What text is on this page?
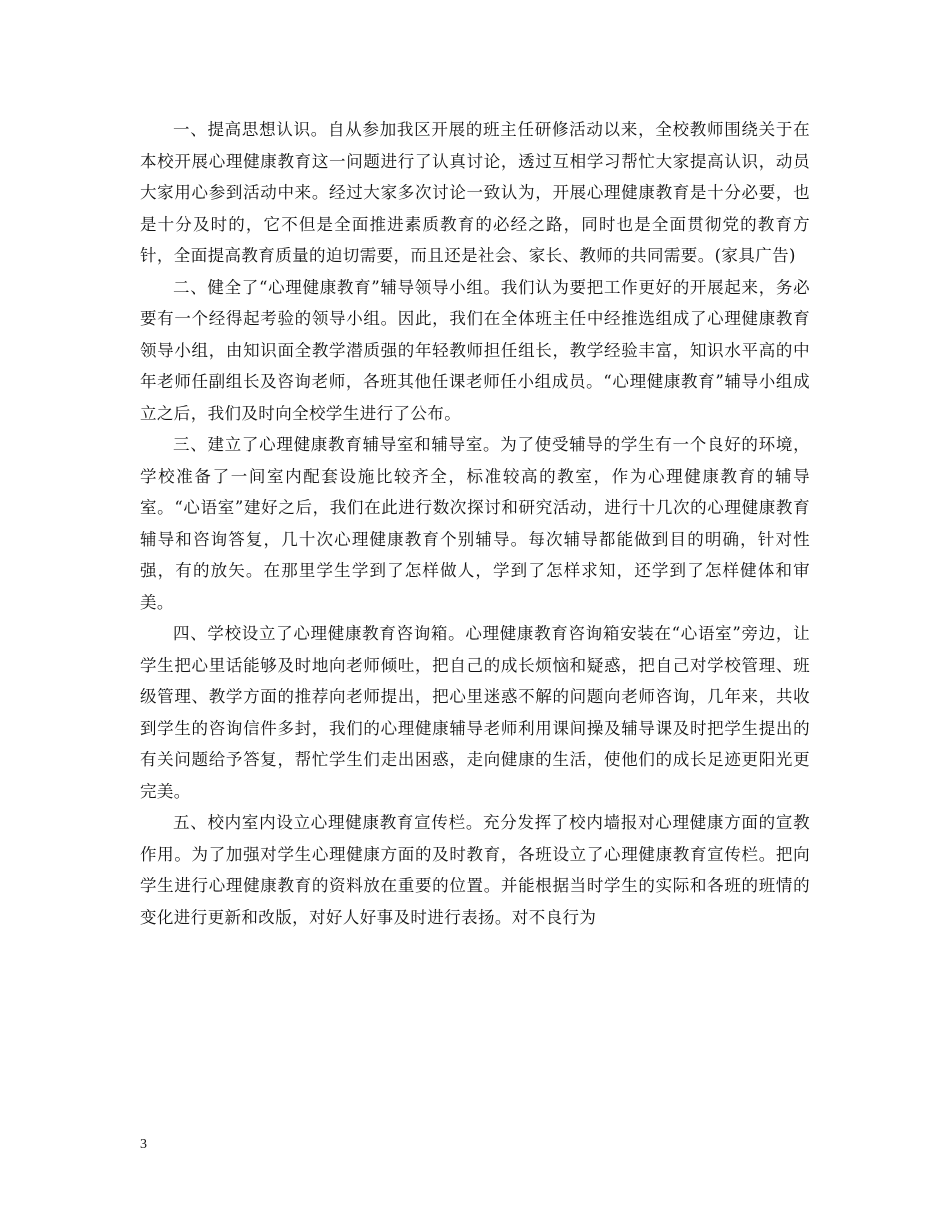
一、提高思想认识。自从参加我区开展的班主任研修活动以来，全校教师围绕关于在本校开展心理健康教育这一问题进行了认真讨论，透过互相学习帮忙大家提高认识，动员大家用心参到活动中来。经过大家多次讨论一致认为，开展心理健康教育是十分必要，也是十分及时的，它不但是全面推进素质教育的必经之路，同时也是全面贯彻党的教育方针，全面提高教育质量的迫切需要，而且还是社会、家长、教师的共同需要。(家具广告)

二、健全了“心理健康教育”辅导领导小组。我们认为要把工作更好的开展起来，务必要有一个经得起考验的领导小组。因此，我们在全体班主任中经推选组成了心理健康教育领导小组，由知识面全教学潜质强的年轻教师担任组长，教学经验丰富，知识水平高的中年老师任副组长及咨询老师，各班其他任课老师任小组成员。“心理健康教育”辅导小组成立之后，我们及时向全校学生进行了公布。

三、建立了心理健康教育辅导室和辅导室。为了使受辅导的学生有一个良好的环境，学校准备了一间室内配套设施比较齐全，标准较高的教室，作为心理健康教育的辅导室。“心语室”建好之后，我们在此进行数次探讨和研究活动，进行十几次的心理健康教育辅导和咨询答复，几十次心理健康教育个别辅导。每次辅导都能做到目的明确，针对性强，有的放矢。在那里学生学到了怎样做人，学到了怎样求知，还学到了怎样健体和审美。

四、学校设立了心理健康教育咨询箱。心理健康教育咨询箱安装在“心语室”旁边，让学生把心里话能够及时地向老师倾吐，把自己的成长烦恼和疑惑，把自己对学校管理、班级管理、教学方面的推荐向老师提出，把心里迷惑不解的问题向老师咨询，几年来，共收到学生的咨询信件多封，我们的心理健康辅导老师利用课间操及辅导课及时把学生提出的有关问题给予答复，帮忙学生们走出困惑，走向健康的生活，使他们的成长足迹更阳光更完美。

五、校内室内设立心理健康教育宣传栏。充分发挥了校内墙报对心理健康方面的宣教作用。为了加强对学生心理健康方面的及时教育，各班设立了心理健康教育宣传栏。把向学生进行心理健康教育的资料放在重要的位置。并能根据当时学生的实际和各班的班情的变化进行更新和改版，对好人好事及时进行表扬。对不良行为

3
